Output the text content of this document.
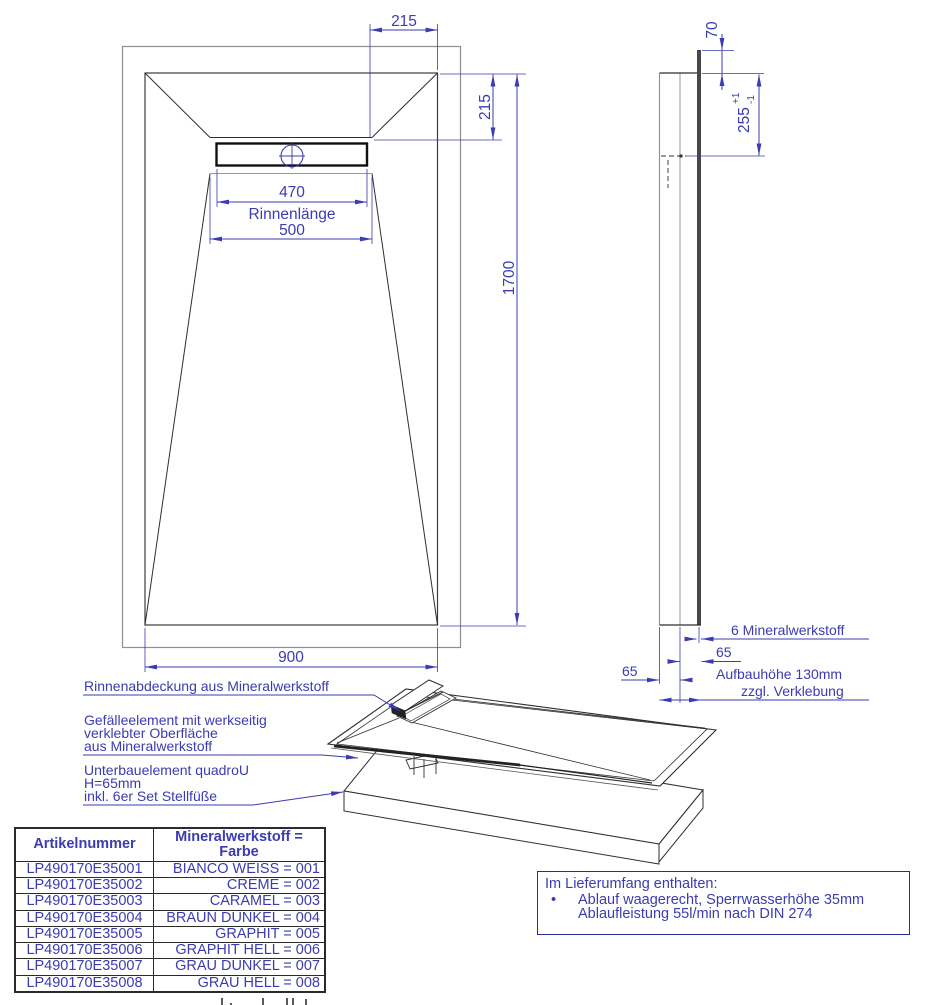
215
215
470
Rinnenlänge
500
1700
900
70
255
+1 -1
6 Mineralwerkstoff
65
65	Aufbauhöhe 130mm
zzgl. Verklebung
Rinnenabdeckung aus Mineralwerkstoff
Gefälleelement mit werkseitig
verklebter Oberfläche
aus Mineralwerkstoff
Unterbauelement quadroU
H=65mm
inkl. 6er Set Stellfüße
Artikelnummer	Mineralwerkstoff =
Farbe
LP490170E35001	BIANCO WEISS = 001
LP490170E35002	CREME = 002
LP490170E35003	CARAMEL = 003
LP490170E35004	BRAUN DUNKEL = 004
LP490170E35005	GRAPHIT = 005
LP490170E35006	GRAPHIT HELL = 006
LP490170E35007	GRAU DUNKEL = 007
LP490170E35008	GRAU HELL = 008
Im Lieferumfang enthalten:
• Ablauf waagerecht, Sperrwasserhöhe 35mm
Ablaufleistung 55l/min nach DIN 274
